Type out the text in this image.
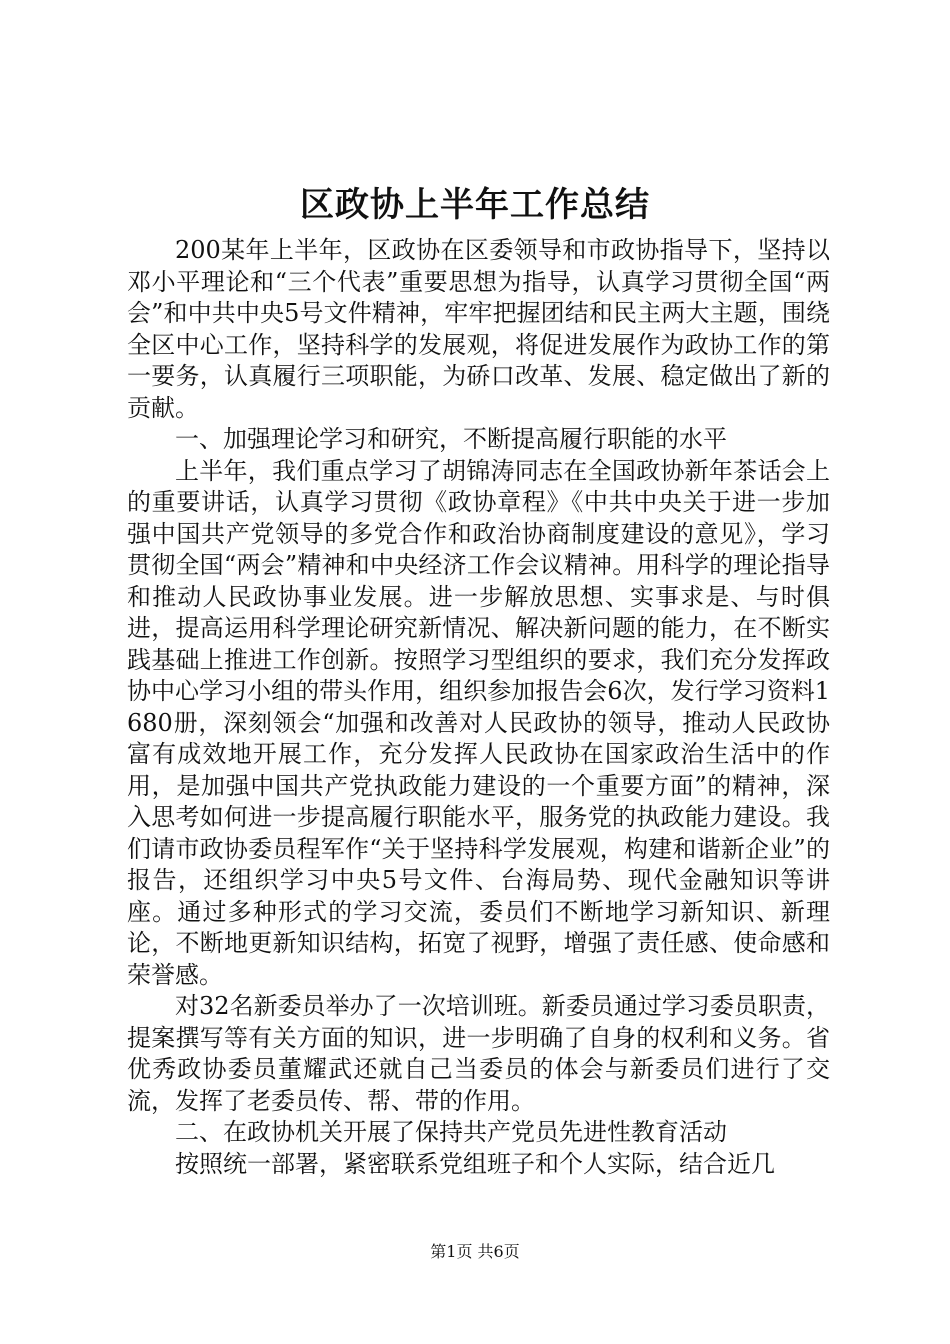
区政协上半年工作总结

200某年上半年，区政协在区委领导和市政协指导下，坚持以邓小平理论和“三个代表”重要思想为指导，认真学习贯彻全国“两会”和中共中央5号文件精神，牢牢把握团结和民主两大主题，围绕全区中心工作，坚持科学的发展观，将促进发展作为政协工作的第一要务，认真履行三项职能，为硚口改革、发展、稳定做出了新的贡献。

一、加强理论学习和研究，不断提高履行职能的水平

上半年，我们重点学习了胡锦涛同志在全国政协新年茶话会上的重要讲话，认真学习贯彻《政协章程》《中共中央关于进一步加强中国共产党领导的多党合作和政治协商制度建设的意见》，学习贯彻全国“两会”精神和中央经济工作会议精神。用科学的理论指导和推动人民政协事业发展。进一步解放思想、实事求是、与时俱进，提高运用科学理论研究新情况、解决新问题的能力，在不断实践基础上推进工作创新。按照学习型组织的要求，我们充分发挥政协中心学习小组的带头作用，组织参加报告会6次，发行学习资料1680册，深刻领会“加强和改善对人民政协的领导，推动人民政协富有成效地开展工作，充分发挥人民政协在国家政治生活中的作用，是加强中国共产党执政能力建设的一个重要方面”的精神，深入思考如何进一步提高履行职能水平，服务党的执政能力建设。我们请市政协委员程军作“关于坚持科学发展观，构建和谐新企业”的报告，还组织学习中央5号文件、台海局势、现代金融知识等讲座。通过多种形式的学习交流，委员们不断地学习新知识、新理论，不断地更新知识结构，拓宽了视野，增强了责任感、使命感和荣誉感。

对32名新委员举办了一次培训班。新委员通过学习委员职责，提案撰写等有关方面的知识，进一步明确了自身的权利和义务。省优秀政协委员董耀武还就自己当委员的体会与新委员们进行了交流，发挥了老委员传、帮、带的作用。

二、在政协机关开展了保持共产党员先进性教育活动

按照统一部署，紧密联系党组班子和个人实际，结合近几

第1页 共6页
